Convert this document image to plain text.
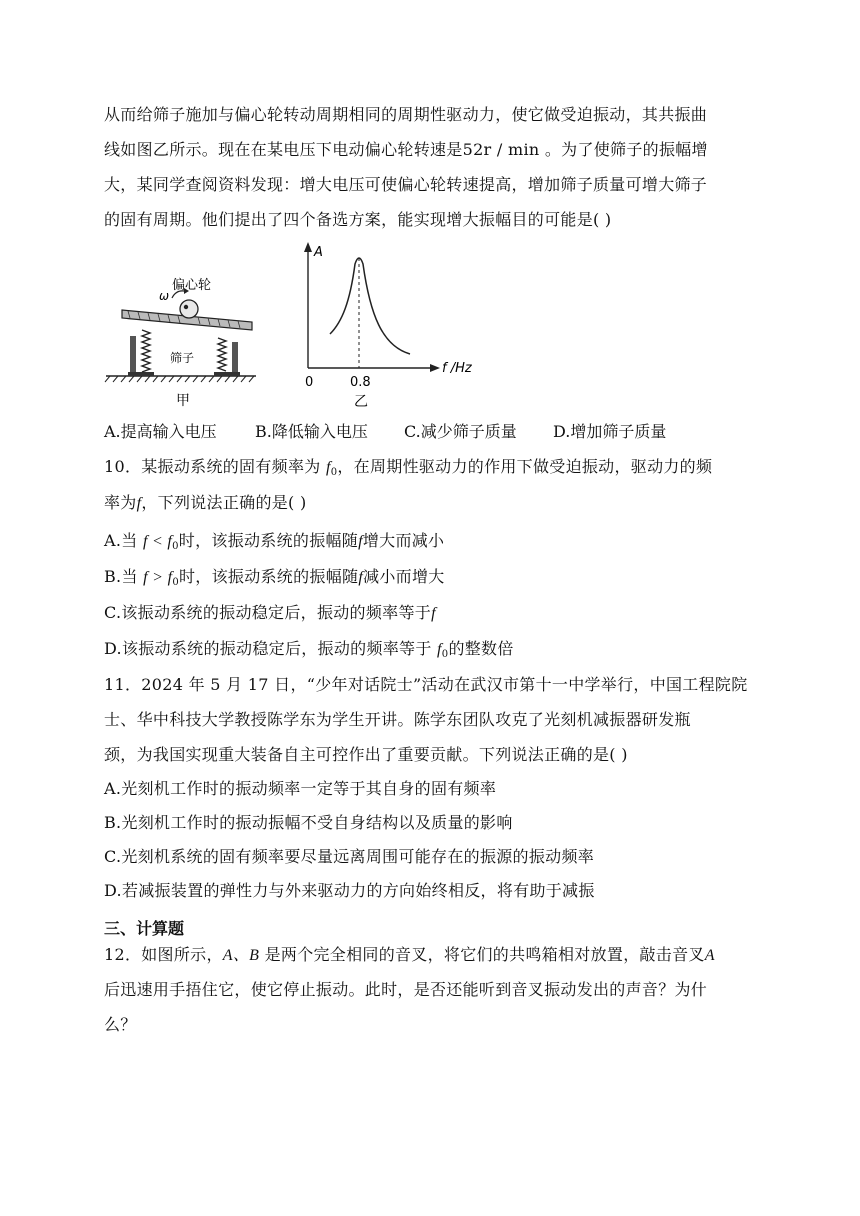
从而给筛子施加与偏心轮转动周期相同的周期性驱动力，使它做受迫振动，其共振曲
线如图乙所示。现在在某电压下电动偏心轮转速是52r / min 。为了使筛子的振幅增
大，某同学查阅资料发现：增大电压可使偏心轮转速提高，增加筛子质量可增大筛子
的固有周期。他们提出了四个备选方案，能实现增大振幅目的可能是( )
ω
偏心轮
筛子
甲
A
f /Hz
0	0.8
乙
A.提高输入电压 B.降低输入电压 C.减少筛子质量 D.增加筛子质量
10．某振动系统的固有频率为 $f_0$，在周期性驱动力的作用下做受迫振动，驱动力的频
率为f，下列说法正确的是( )
A.当 $f < f_0$时，该振动系统的振幅随f增大而减小
B.当 $f > f_0$时，该振动系统的振幅随f减小而增大
C.该振动系统的振动稳定后，振动的频率等于f
D.该振动系统的振动稳定后，振动的频率等于 $f_0$的整数倍
11．2024 年 5 月 17 日，“少年对话院士”活动在武汉市第十一中学举行，中国工程院院
士、华中科技大学教授陈学东为学生开讲。陈学东团队攻克了光刻机减振器研发瓶
颈，为我国实现重大装备自主可控作出了重要贡献。下列说法正确的是( )
A.光刻机工作时的振动频率一定等于其自身的固有频率
B.光刻机工作时的振动振幅不受自身结构以及质量的影响
C.光刻机系统的固有频率要尽量远离周围可能存在的振源的振动频率
D.若减振装置的弹性力与外来驱动力的方向始终相反，将有助于减振
三、计算题
12．如图所示，A、B 是两个完全相同的音叉，将它们的共鸣箱相对放置，敲击音叉A
后迅速用手捂住它，使它停止振动。此时，是否还能听到音叉振动发出的声音？为什
么？
